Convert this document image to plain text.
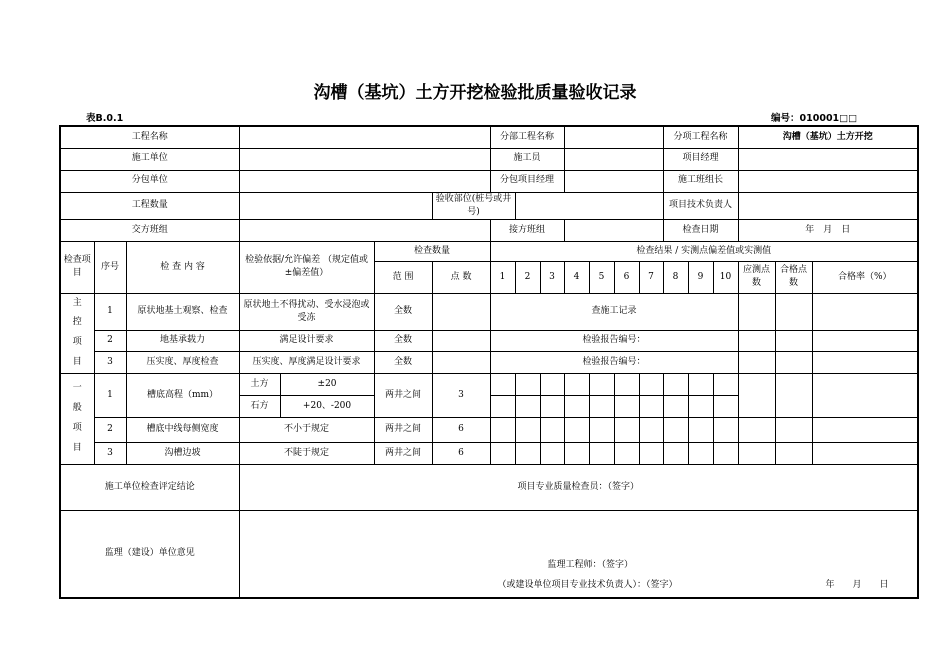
沟槽（基坑）土方开挖检验批质量验收记录
表B.0.1	编号：010001□□
工程名称							分部工程名称							分项工程名称			沟槽（基坑）土方开挖		
施工单位							施工员							项目经理					
分包单位							分包项目经理							施工班组长					
工程数量						验收部位(桩号或井号)								项目技术负责人					
交方班组							接方班组							检查日期			年　月　日		
检查项目	序号	检 查 内 容	检验依据/允许偏差 （规定值或±偏差值）		检查数量		检查结果 / 实测点偏差值或实测值												
					范 围	点 数	1	2	3	4	5	6	7	8	9	10	应测点数	合格点数	合格率（%）
主控项目	1	原状地基土观察、检查	原状地土不得扰动、受水浸泡或受冻		全数		查施工记录												
	2	地基承载力	满足设计要求		全数		检验报告编号：												
	3	压实度、厚度检查	压实度、厚度满足设计要求		全数		检验报告编号：												
一般项目	1	槽底高程（mm）	土方	±20	两井之间	3													
			石方	+20、-200															
	2	槽底中线每侧宽度	不小于规定		两井之间	6													
	3	沟槽边坡	不陡于规定		两井之间	6													
施工单位检查评定结论			项目专业质量检查员：（签字）																
监理（建设）单位意见			监理工程师：（签字）
（或建设单位项目专业技术负责人）：（签字） 年　　月　　日																
